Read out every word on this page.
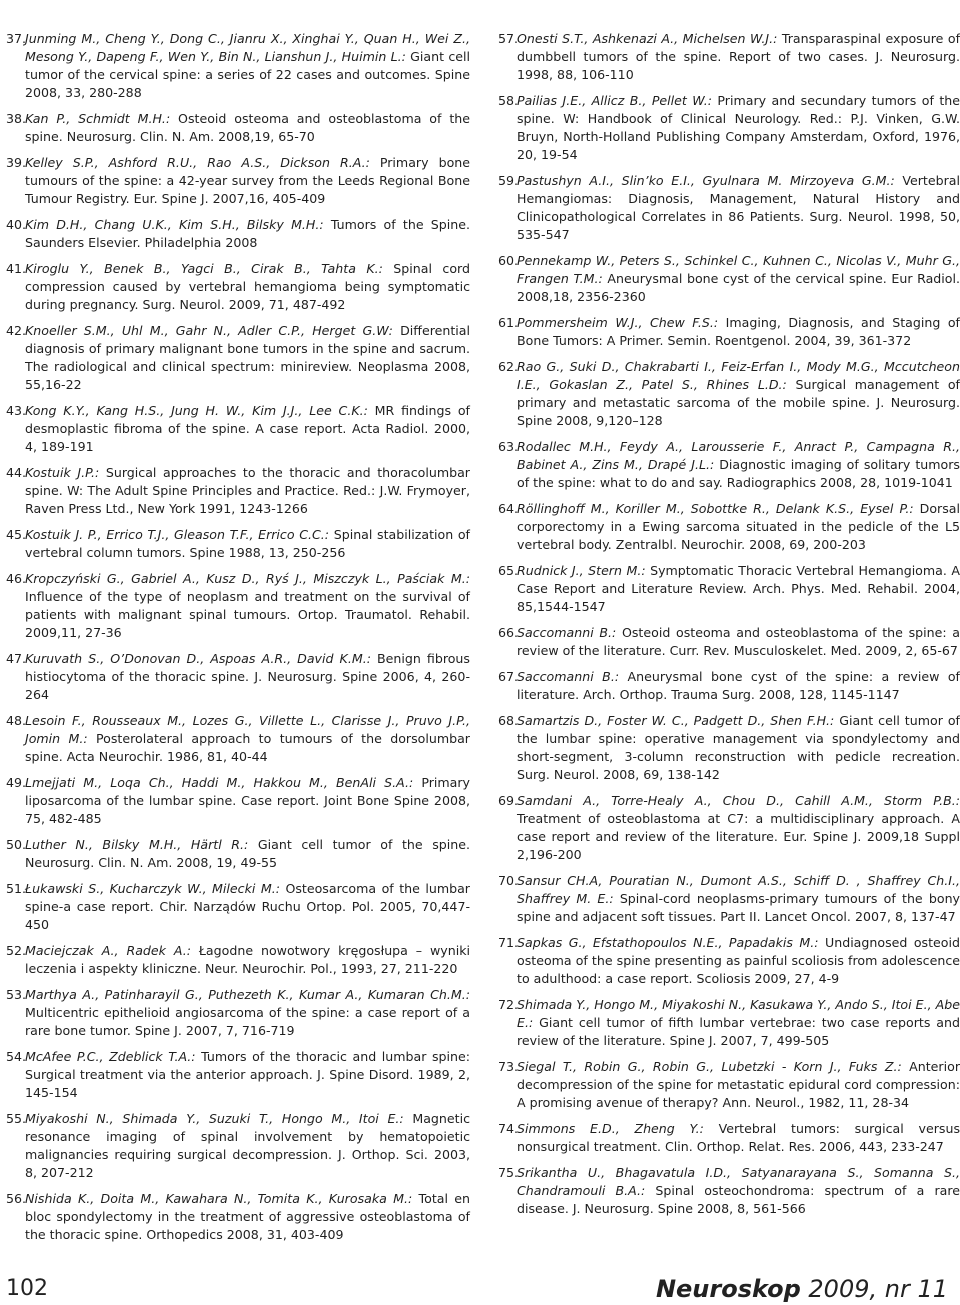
37.
Junming M., Cheng Y., Dong C., Jianru X., Xinghai Y., Quan H., Wei Z., Mesong Y., Dapeng F., Wen Y., Bin N., Lianshun J., Huimin L.: Giant cell tumor of the cervical spine: a series of 22 cases and outcomes. Spine 2008, 33, 280-288
38.
Kan P., Schmidt M.H.: Osteoid osteoma and osteoblastoma of the spine. Neurosurg. Clin. N. Am. 2008,19, 65-70
39.
Kelley S.P., Ashford R.U., Rao A.S., Dickson R.A.: Primary bone tumours of the spine: a 42-year survey from the Leeds Regional Bone Tumour Registry. Eur. Spine J. 2007,16, 405-409
40.
Kim D.H., Chang U.K., Kim S.H., Bilsky M.H.: Tumors of the Spine. Saunders Elsevier. Philadelphia 2008
41.
Kiroglu Y., Benek B., Yagci B., Cirak B., Tahta K.: Spinal cord compression caused by vertebral hemangioma being symptomatic during pregnancy. Surg. Neurol. 2009, 71, 487-492
42.
Knoeller S.M., Uhl M., Gahr N., Adler C.P., Herget G.W: Differential diagnosis of primary malignant bone tumors in the spine and sacrum. The radiological and clinical spectrum: minireview. Neoplasma 2008, 55,16-22
43.
Kong K.Y., Kang H.S., Jung H. W., Kim J.J., Lee C.K.: MR findings of desmoplastic fibroma of the spine. A case report. Acta Radiol. 2000, 4, 189-191
44.
Kostuik J.P.: Surgical approaches to the thoracic and thoracolumbar spine. W: The Adult Spine Principles and Practice. Red.: J.W. Frymoyer, Raven Press Ltd., New York 1991, 1243-1266
45.
Kostuik J. P., Errico T.J., Gleason T.F., Errico C.C.: Spinal stabilization of vertebral column tumors. Spine 1988, 13, 250-256
46.
Kropczyński G., Gabriel A., Kusz D., Ryś J., Miszczyk L., Paściak M.: Influence of the type of neoplasm and treatment on the survival of patients with malignant spinal tumours. Ortop. Traumatol. Rehabil. 2009,11, 27-36
47.
Kuruvath S., O’Donovan D., Aspoas A.R., David K.M.: Benign fibrous histiocytoma of the thoracic spine. J. Neurosurg. Spine 2006, 4, 260-264
48.
Lesoin F., Rousseaux M., Lozes G., Villette L., Clarisse J., Pruvo J.P., Jomin M.: Posterolateral approach to tumours of the dorsolumbar spine. Acta Neurochir. 1986, 81, 40-44
49.
Lmejjati M., Loqa Ch., Haddi M., Hakkou M., BenAli S.A.: Primary liposarcoma of the lumbar spine. Case report. Joint Bone Spine 2008, 75, 482-485
50.
Luther N., Bilsky M.H., Härtl R.: Giant cell tumor of the spine. Neurosurg. Clin. N. Am. 2008, 19, 49-55
51.
Łukawski S., Kucharczyk W., Milecki M.: Osteosarcoma of the lumbar spine-a case report. Chir. Narządów Ruchu Ortop. Pol. 2005, 70,447-450
52.
Maciejczak A., Radek A.: Łagodne nowotwory kręgosłupa – wyniki leczenia i aspekty kliniczne. Neur. Neurochir. Pol., 1993, 27, 211-220
53.
Marthya A., Patinharayil G., Puthezeth K., Kumar A., Kumaran Ch.M.: Multicentric epithelioid angiosarcoma of the spine: a case report of a rare bone tumor. Spine J. 2007, 7, 716-719
54.
McAfee P.C., Zdeblick T.A.: Tumors of the thoracic and lumbar spine: Surgical treatment via the anterior approach. J. Spine Disord. 1989, 2, 145-154
55.
Miyakoshi N., Shimada Y., Suzuki T., Hongo M., Itoi E.: Magnetic resonance imaging of spinal involvement by hematopoietic malignancies requiring surgical decompression. J. Orthop. Sci. 2003, 8, 207-212
56.
Nishida K., Doita M., Kawahara N., Tomita K., Kurosaka M.: Total en bloc spondylectomy in the treatment of aggressive osteoblastoma of the thoracic spine. Orthopedics 2008, 31, 403-409
57.
Onesti S.T., Ashkenazi A., Michelsen W.J.: Transparaspinal exposure of dumbbell tumors of the spine. Report of two cases. J. Neurosurg. 1998, 88, 106-110
58.
Pailias J.E., Allicz B., Pellet W.: Primary and secundary tumors of the spine. W: Handbook of Clinical Neurology. Red.: P.J. Vinken, G.W. Bruyn, North-Holland Publishing Company Amsterdam, Oxford, 1976, 20, 19-54
59.
Pastushyn A.I., Slin’ko E.I., Gyulnara M. Mirzoyeva G.M.: Vertebral Hemangiomas: Diagnosis, Management, Natural History and Clinicopathological Correlates in 86 Patients. Surg. Neurol. 1998, 50, 535-547
60.
Pennekamp W., Peters S., Schinkel C., Kuhnen C., Nicolas V., Muhr G., Frangen T.M.: Aneurysmal bone cyst of the cervical spine. Eur Radiol. 2008,18, 2356-2360
61.
Pommersheim W.J., Chew F.S.: Imaging, Diagnosis, and Staging of Bone Tumors: A Primer. Semin. Roentgenol. 2004, 39, 361-372
62.
Rao G., Suki D., Chakrabarti I., Feiz-Erfan I., Mody M.G., Mccutcheon I.E., Gokaslan Z., Patel S., Rhines L.D.: Surgical management of primary and metastatic sarcoma of the mobile spine. J. Neurosurg. Spine 2008, 9,120–128
63.
Rodallec M.H., Feydy A., Larousserie F., Anract P., Campagna R., Babinet A., Zins M., Drapé J.L.: Diagnostic imaging of solitary tumors of the spine: what to do and say. Radiographics 2008, 28, 1019-1041
64.
Röllinghoff M., Koriller M., Sobottke R., Delank K.S., Eysel P.: Dorsal corporectomy in a Ewing sarcoma situated in the pedicle of the L5 vertebral body. Zentralbl. Neurochir. 2008, 69, 200-203
65.
Rudnick J., Stern M.: Symptomatic Thoracic Vertebral Hemangioma. A Case Report and Literature Review. Arch. Phys. Med. Rehabil. 2004, 85,1544-1547
66.
Saccomanni B.: Osteoid osteoma and osteoblastoma of the spine: a review of the literature. Curr. Rev. Musculoskelet. Med. 2009, 2, 65-67
67.
Saccomanni B.: Aneurysmal bone cyst of the spine: a review of literature. Arch. Orthop. Trauma Surg. 2008, 128, 1145-1147
68.
Samartzis D., Foster W. C., Padgett D., Shen F.H.: Giant cell tumor of the lumbar spine: operative management via spondylectomy and short-segment, 3-column reconstruction with pedicle recreation. Surg. Neurol. 2008, 69, 138-142
69.
Samdani A., Torre-Healy A., Chou D., Cahill A.M., Storm P.B.: Treatment of osteoblastoma at C7: a multidisciplinary approach. A case report and review of the literature. Eur. Spine J. 2009,18 Suppl 2,196-200
70.
Sansur CH.A, Pouratian N., Dumont A.S., Schiff D. , Shaffrey Ch.I., Shaffrey M. E.: Spinal-cord neoplasms-primary tumours of the bony spine and adjacent soft tissues. Part II. Lancet Oncol. 2007, 8, 137-47
71.
Sapkas G., Efstathopoulos N.E., Papadakis M.: Undiagnosed osteoid osteoma of the spine presenting as painful scoliosis from adolescence to adulthood: a case report. Scoliosis 2009, 27, 4-9
72.
Shimada Y., Hongo M., Miyakoshi N., Kasukawa Y., Ando S., Itoi E., Abe E.: Giant cell tumor of fifth lumbar vertebrae: two case reports and review of the literature. Spine J. 2007, 7, 499-505
73.
Siegal T., Robin G., Robin G., Lubetzki - Korn J., Fuks Z.: Anterior decompression of the spine for metastatic epidural cord compression: A promising avenue of therapy? Ann. Neurol., 1982, 11, 28-34
74.
Simmons E.D., Zheng Y.: Vertebral tumors: surgical versus nonsurgical treatment. Clin. Orthop. Relat. Res. 2006, 443, 233-247
75.
Srikantha U., Bhagavatula I.D., Satyanarayana S., Somanna S., Chandramouli B.A.: Spinal osteochondroma: spectrum of a rare disease. J. Neurosurg. Spine 2008, 8, 561-566
102	Neuroskop 2009, nr 11
